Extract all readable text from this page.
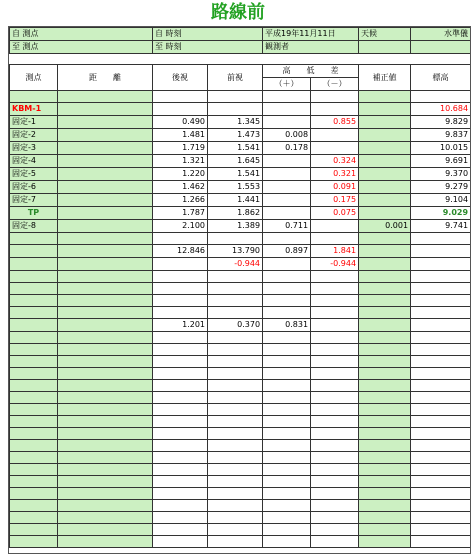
路線前
自 測点		自 時刻		平成19年11月11日		天候	水準儀
至 測点		至 時刻		観測者			

測点	距　　離	後視	前視	高　　低　　差		補正値	標高
				（＋）	（－）		

KBM-1							10.684
固定-1		0.490	1.345		0.855		9.829
固定-2		1.481	1.473	0.008			9.837
固定-3		1.719	1.541	0.178			10.015
固定-4		1.321	1.645		0.324		9.691
固定-5		1.220	1.541		0.321		9.370
固定-6		1.462	1.553		0.091		9.279
固定-7		1.266	1.441		0.175		9.104
TP		1.787	1.862		0.075		9.029
固定-8		2.100	1.389	0.711		0.001	9.741

		12.846	13.790	0.897	1.841		
			-0.944		-0.944		

		1.201	0.370	0.831			
